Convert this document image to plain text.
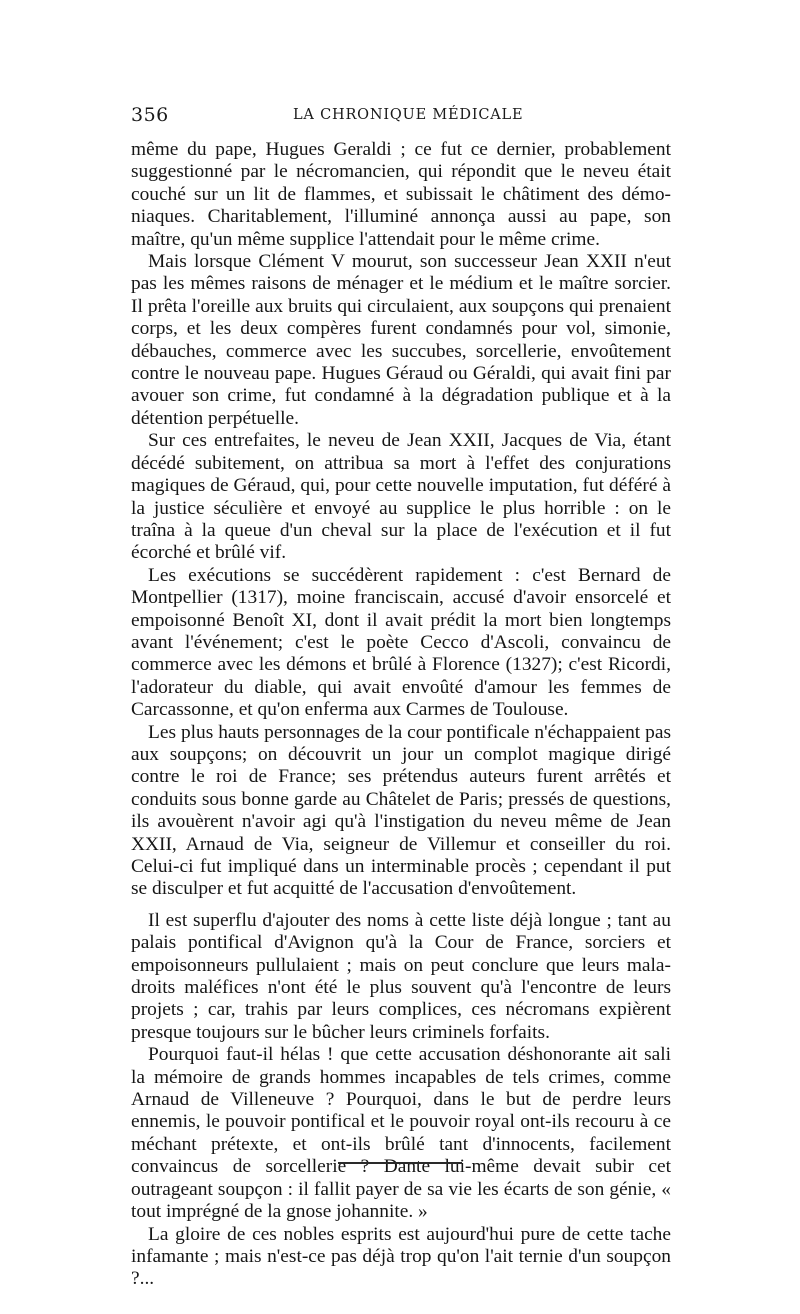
356	LA CHRONIQUE MÉDICALE

même du pape, Hugues Geraldi ; ce fut ce dernier, probablement suggestionné par le nécromancien, qui répondit que le neveu était couché sur un lit de flammes, et subissait le châtiment des démoniaques. Charitablement, l'illuminé annonça aussi au pape, son maître, qu'un même supplice l'attendait pour le même crime.

Mais lorsque Clément V mourut, son successeur Jean XXII n'eut pas les mêmes raisons de ménager et le médium et le maître sorcier. Il prêta l'oreille aux bruits qui circulaient, aux soupçons qui prenaient corps, et les deux compères furent condamnés pour vol, simonie, débauches, commerce avec les succubes, sorcellerie, envoûtement contre le nouveau pape. Hugues Géraud ou Géraldi, qui avait fini par avouer son crime, fut condamné à la dégradation publique et à la détention perpétuelle.

Sur ces entrefaites, le neveu de Jean XXII, Jacques de Via, étant décédé subitement, on attribua sa mort à l'effet des conjurations magiques de Géraud, qui, pour cette nouvelle imputation, fut déféré à la justice séculière et envoyé au supplice le plus horrible : on le traîna à la queue d'un cheval sur la place de l'exécution et il fut écorché et brûlé vif.

Les exécutions se succédèrent rapidement : c'est Bernard de Montpellier (1317), moine franciscain, accusé d'avoir ensorcelé et empoisonné Benoît XI, dont il avait prédit la mort bien longtemps avant l'événement; c'est le poète Cecco d'Ascoli, convaincu de commerce avec les démons et brûlé à Florence (1327); c'est Ricordi, l'adorateur du diable, qui avait envoûté d'amour les femmes de Carcassonne, et qu'on enferma aux Carmes de Toulouse.

Les plus hauts personnages de la cour pontificale n'échappaient pas aux soupçons; on découvrit un jour un complot magique dirigé contre le roi de France; ses prétendus auteurs furent arrêtés et conduits sous bonne garde au Châtelet de Paris; pressés de questions, ils avouèrent n'avoir agi qu'à l'instigation du neveu même de Jean XXII, Arnaud de Via, seigneur de Villemur et conseiller du roi. Celui-ci fut impliqué dans un interminable procès ; cependant il put se disculper et fut acquitté de l'accusation d'envoûtement.

Il est superflu d'ajouter des noms à cette liste déjà longue ; tant au palais pontifical d'Avignon qu'à la Cour de France, sorciers et empoisonneurs pullulaient ; mais on peut conclure que leurs maladroits maléfices n'ont été le plus souvent qu'à l'encontre de leurs projets ; car, trahis par leurs complices, ces nécromans expièrent presque toujours sur le bûcher leurs criminels forfaits.

Pourquoi faut-il hélas ! que cette accusation déshonorante ait sali la mémoire de grands hommes incapables de tels crimes, comme Arnaud de Villeneuve ? Pourquoi, dans le but de perdre leurs ennemis, le pouvoir pontifical et le pouvoir royal ont-ils recouru à ce méchant prétexte, et ont-ils brûlé tant d'innocents, facilement convaincus de sorcellerie ? Dante lui-même devait subir cet outrageant soupçon : il fallit payer de sa vie les écarts de son génie, « tout imprégné de la gnose johannite. »

La gloire de ces nobles esprits est aujourd'hui pure de cette tache infamante ; mais n'est-ce pas déjà trop qu'on l'ait ternie d'un soupçon ?...
